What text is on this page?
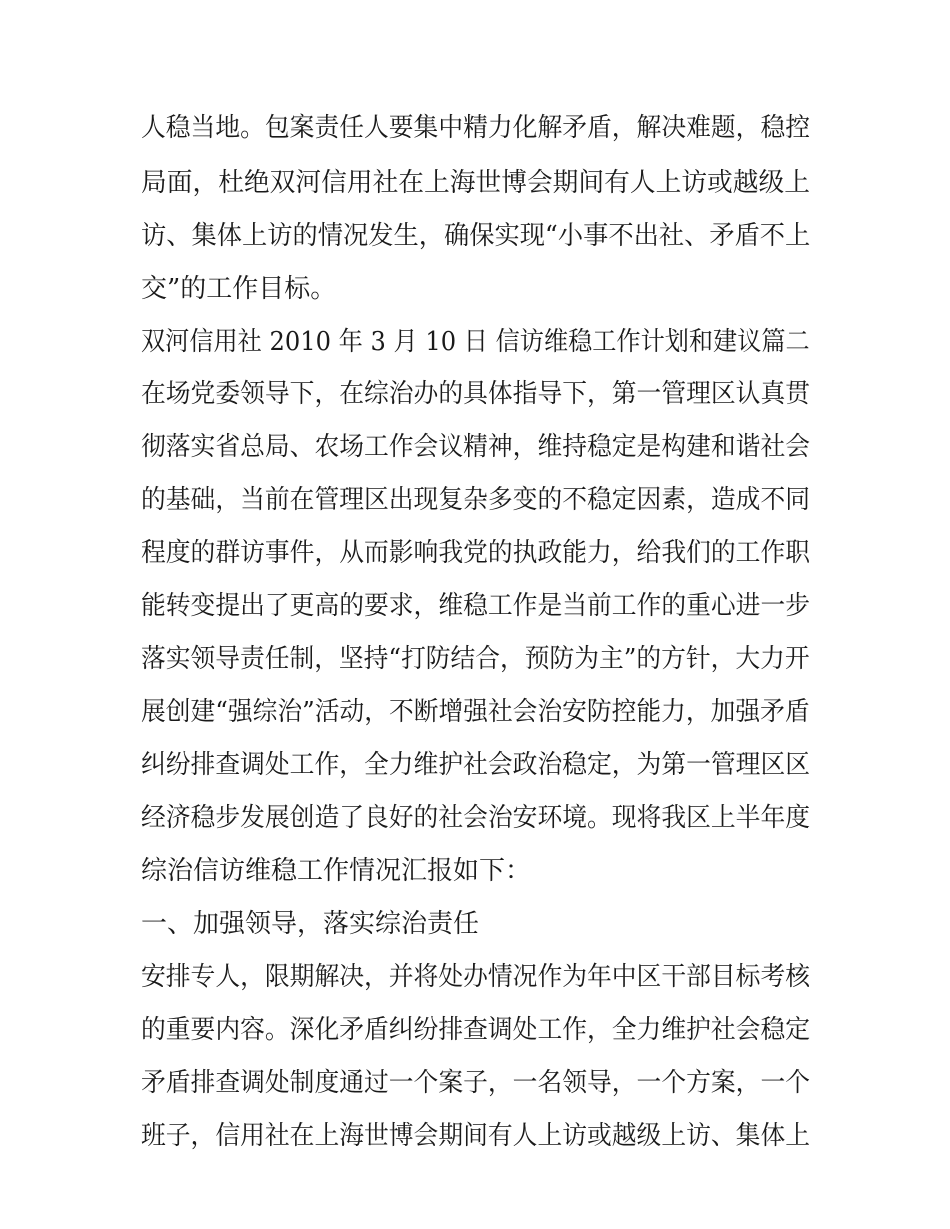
人稳当地。包案责任人要集中精力化解矛盾，解决难题，稳控
局面，杜绝双河信用社在上海世博会期间有人上访或越级上
访、集体上访的情况发生，确保实现“小事不出社、矛盾不上
交”的工作目标。
双河信用社 2010 年 3 月 10 日 信访维稳工作计划和建议篇二
在场党委领导下，在综治办的具体指导下，第一管理区认真贯
彻落实省总局、农场工作会议精神，维持稳定是构建和谐社会
的基础，当前在管理区出现复杂多变的不稳定因素，造成不同
程度的群访事件，从而影响我党的执政能力，给我们的工作职
能转变提出了更高的要求，维稳工作是当前工作的重心进一步
落实领导责任制，坚持“打防结合，预防为主”的方针，大力开
展创建“强综治”活动，不断增强社会治安防控能力，加强矛盾
纠纷排查调处工作，全力维护社会政治稳定，为第一管理区区
经济稳步发展创造了良好的社会治安环境。现将我区上半年度
综治信访维稳工作情况汇报如下：
一、加强领导，落实综治责任
安排专人，限期解决，并将处办情况作为年中区干部目标考核
的重要内容。深化矛盾纠纷排查调处工作，全力维护社会稳定
矛盾排查调处制度通过一个案子，一名领导，一个方案，一个
班子，信用社在上海世博会期间有人上访或越级上访、集体上
